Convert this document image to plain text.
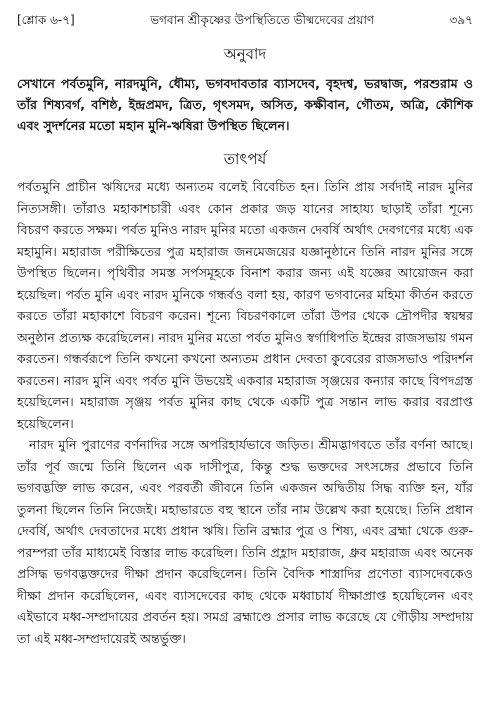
[শ্লোক ৬-৭]	ভগবান শ্রীকৃষ্ণের উপস্থিতিতে ভীষ্মদেবের প্রয়াণ	৩৯৭
অনুবাদ
সেখানে পর্বতমুনি, নারদমুনি, ধৌম্য, ভগবদাবতার ব্যাসদেব, বৃহদশ্ব, ভরদ্বাজ, পরশুরাম ও তাঁর শিষ্যবর্গ, বশিষ্ঠ, ইন্দ্রপ্রমদ, ত্রিত, গৃৎসমদ, অসিত, কক্ষীবান, গৌতম, অত্রি, কৌশিক এবং সুদর্শনের মতো মহান মুনি-ঋষিরা উপস্থিত ছিলেন।
তাৎপর্য

পর্বতমুনি প্রাচীন ঋষিদের মধ্যে অন্যতম বলেই বিবেচিত হন। তিনি প্রায় সর্বদাই নারদ মুনির নিত্যসঙ্গী। তাঁরাও মহাকাশচারী এবং কোন প্রকার জড় যানের সাহায্য ছাড়াই তাঁরা শূন্যে বিচরণ করতে সক্ষম। পর্বত মুনিও নারদ মুনির মতো একজন দেবর্ষি অর্থাৎ দেবগণের মধ্যে এক মহামুনি। মহারাজ পরীক্ষিতের পুত্র মহারাজ জনমেজয়ের যজ্ঞানুষ্ঠানে তিনি নারদ মুনির সঙ্গে উপস্থিত ছিলেন। পৃথিবীর সমস্ত সর্পসমূহকে বিনাশ করার জন্য এই যজ্ঞের আয়োজন করা হয়েছিল। পর্বত মুনি এবং নারদ মুনিকে গন্ধর্বও বলা হয়, কারণ ভগবানের মহিমা কীর্তন করতে করতে তাঁরা মহাকাশে বিচরণ করেন। শূন্যে বিচরণকালে তাঁরা উপর থেকে দ্রৌপদীর স্বয়ম্বর অনুষ্ঠান প্রত্যক্ষ করেছিলেন। নারদ মুনির মতো পর্বত মুনিও স্বর্গাধিপতি ইন্দ্রের রাজসভায় গমন করতেন। গন্ধর্বরূপে তিনি কখনো কখনো অন্যতম প্রধান দেবতা কুবেরের রাজসভাও পরিদর্শন করতেন। নারদ মুনি এবং পর্বত মুনি উভয়েই একবার মহারাজ সৃঞ্জয়ের কন্যার কাছে বিপদগ্রস্ত হয়েছিলেন। মহারাজ সৃঞ্জয় পর্বত মুনির কাছ থেকে একটি পুত্র সন্তান লাভ করার বরপ্রাপ্ত হয়েছিলেন।

নারদ মুনি পুরাণের বর্ণনাদির সঙ্গে অপরিহার্যভাবে জড়িত। শ্রীমদ্ভাগবতে তাঁর বর্ণনা আছে। তাঁর পূর্ব জন্মে তিনি ছিলেন এক দাসীপুত্র, কিন্তু শুদ্ধ ভক্তদের সৎসঙ্গের প্রভাবে তিনি ভগবদ্ভক্তি লাভ করেন, এবং পরবর্তী জীবনে তিনি একজন অদ্বিতীয় সিদ্ধ ব্যক্তি হন, যাঁর তুলনা ছিলেন তিনি নিজেই। মহাভারতে বহু স্থানে তাঁর নাম উল্লেখ করা হয়েছে। তিনি প্রধান দেবর্ষি, অর্থাৎ দেবতাদের মধ্যে প্রধান ঋষি। তিনি ব্রহ্মার পুত্র ও শিষ্য, এবং ব্রহ্মা থেকে গুরু-পরম্পরা তাঁর মাধ্যমেই বিস্তার লাভ করেছিল। তিনি প্রহ্লাদ মহারাজ, ধ্রুব মহারাজ এবং অনেক প্রসিদ্ধ ভগবদ্ভক্তদের দীক্ষা প্রদান করেছিলেন। তিনি বৈদিক শাস্ত্রাদির প্রণেতা ব্যাসদেবকেও দীক্ষা প্রদান করেছিলেন, এবং ব্যাসদেবের কাছ থেকে মধ্বাচার্য দীক্ষাপ্রাপ্ত হয়েছিলেন এবং এইভাবে মধ্ব-সম্প্রদায়ের প্রবর্তন হয়। সমগ্র ব্রহ্মাণ্ডে প্রসার লাভ করেছে যে গৌড়ীয় সম্প্রদায় তা এই মধ্ব-সম্প্রদায়েরই অন্তর্ভুক্ত।
